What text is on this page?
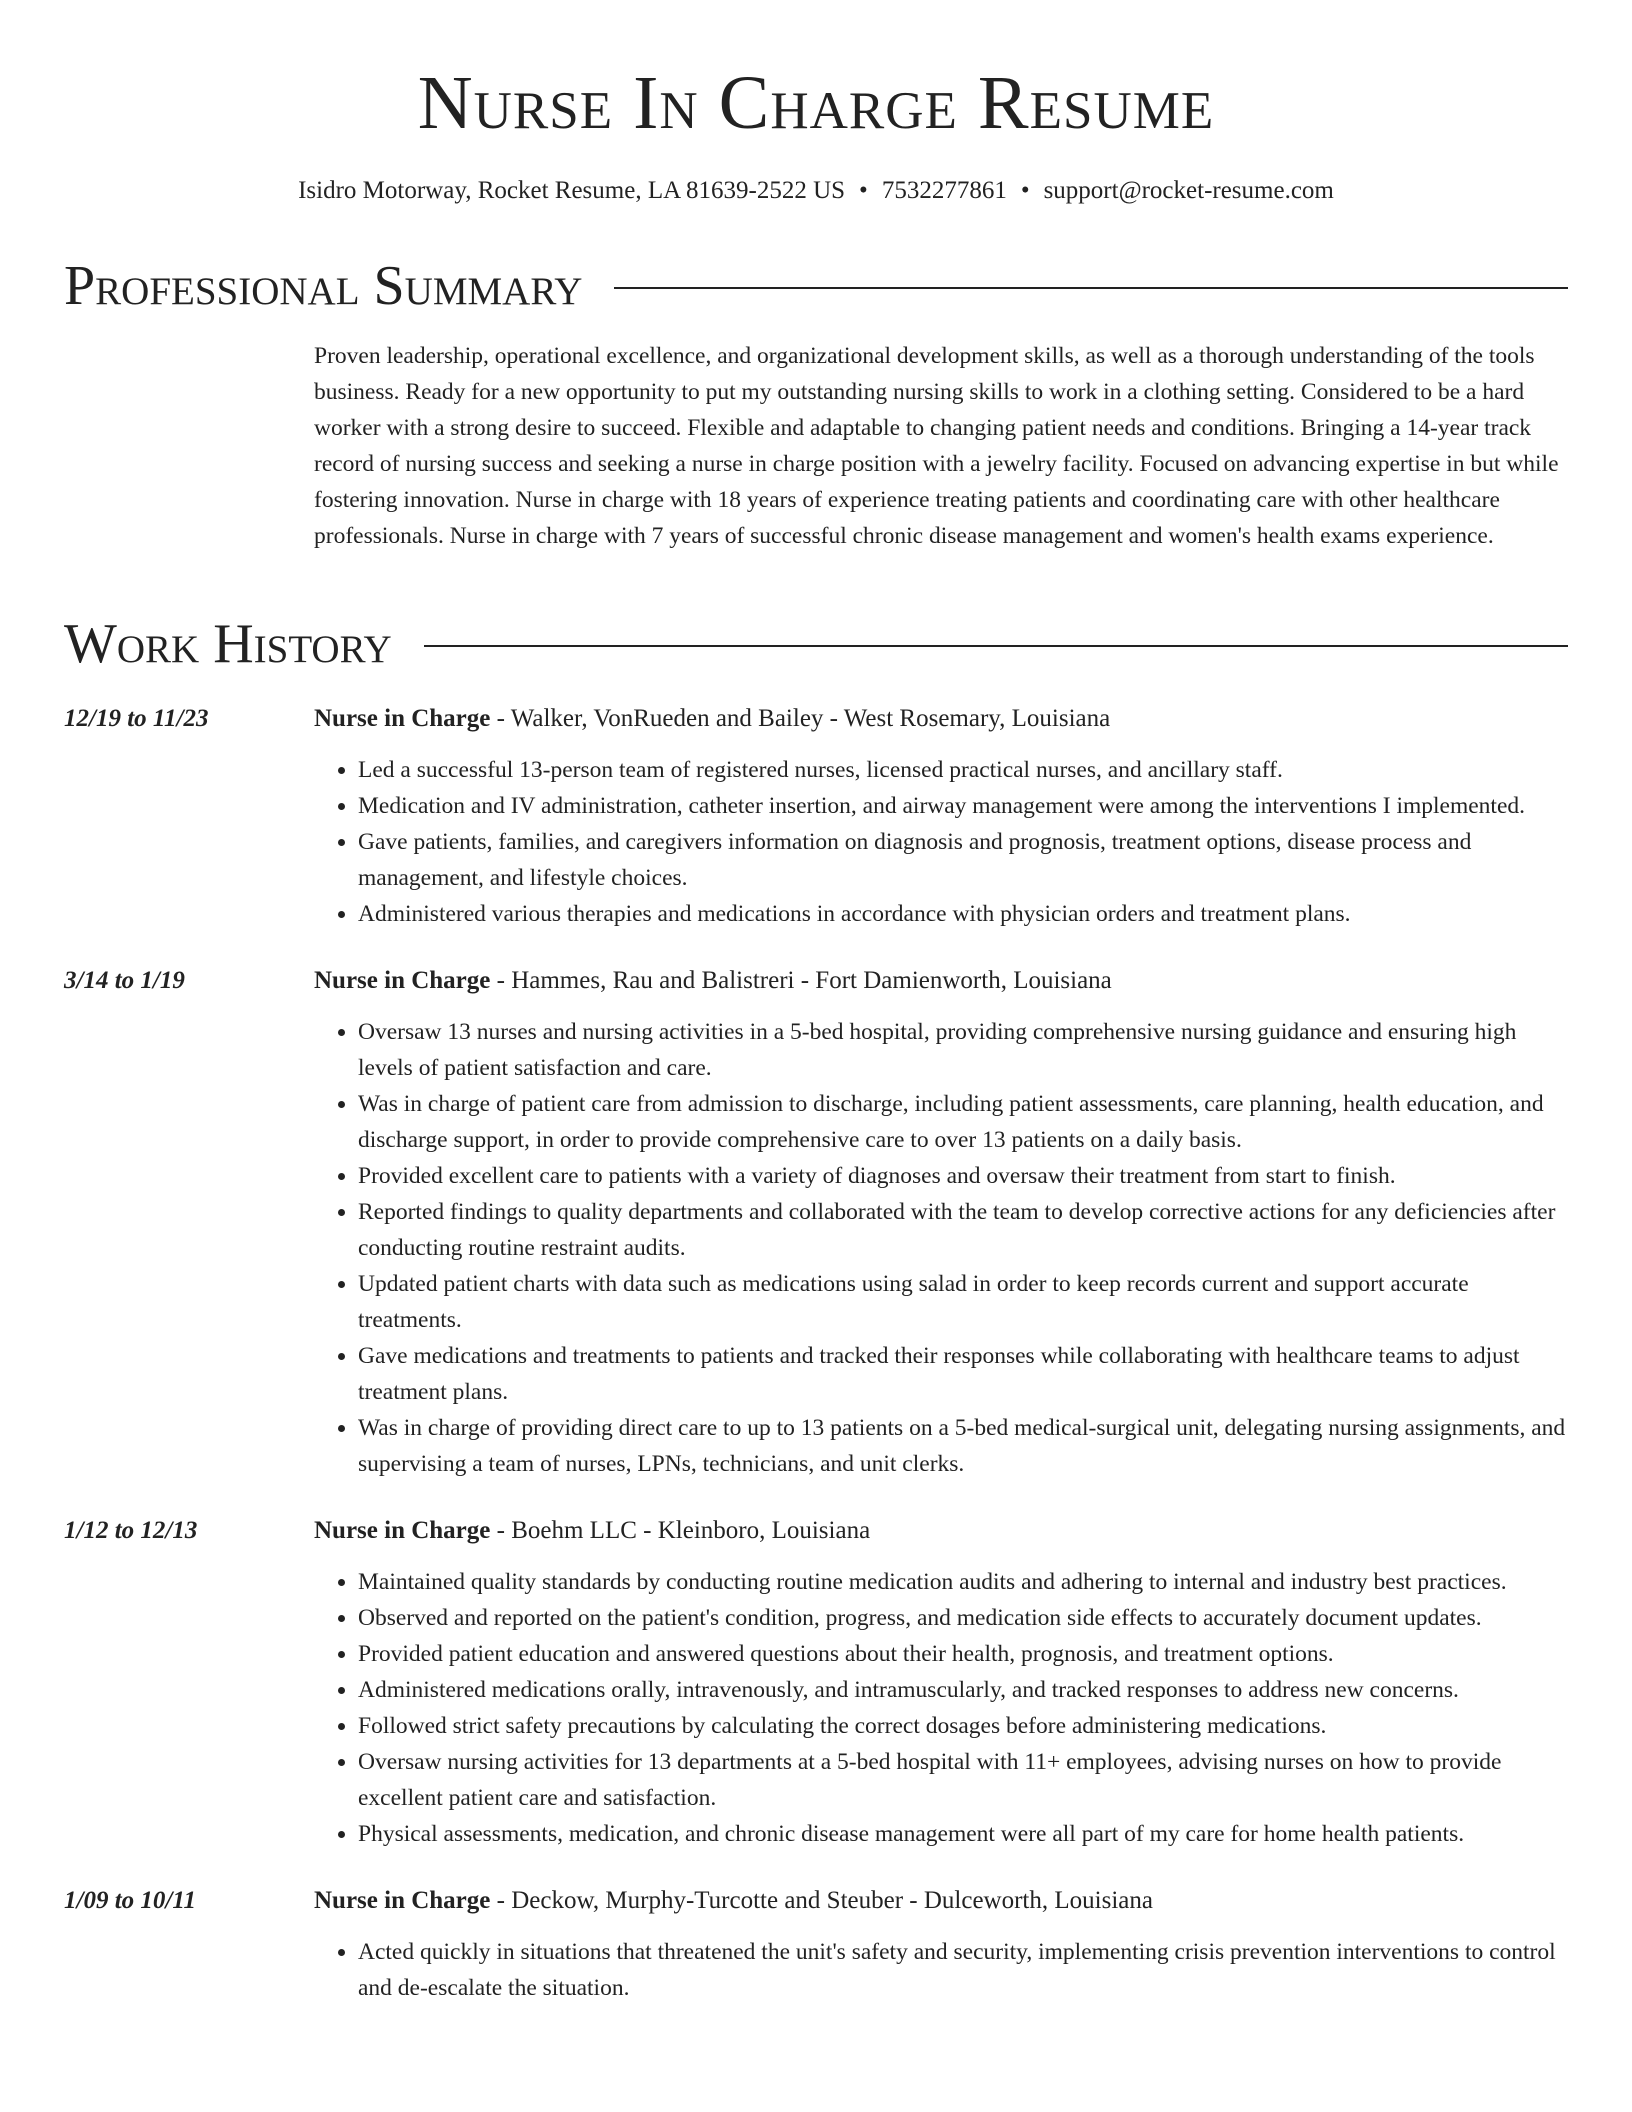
Nurse In Charge Resume
Isidro Motorway, Rocket Resume, LA 81639-2522 US • 7532277861 • support@rocket-resume.com
Professional Summary

Proven leadership, operational excellence, and organizational development skills, as well as a thorough understanding of the tools business. Ready for a new opportunity to put my outstanding nursing skills to work in a clothing setting. Considered to be a hard worker with a strong desire to succeed. Flexible and adaptable to changing patient needs and conditions. Bringing a 14-year track record of nursing success and seeking a nurse in charge position with a jewelry facility. Focused on advancing expertise in but while fostering innovation. Nurse in charge with 18 years of experience treating patients and coordinating care with other healthcare professionals. Nurse in charge with 7 years of successful chronic disease management and women's health exams experience.

Work History
12/19 to 11/23	Nurse in Charge - Walker, VonRueden and Bailey - West Rosemary, Louisiana

• Led a successful 13-person team of registered nurses, licensed practical nurses, and ancillary staff.
• Medication and IV administration, catheter insertion, and airway management were among the interventions I implemented.
• Gave patients, families, and caregivers information on diagnosis and prognosis, treatment options, disease process and management, and lifestyle choices.
• Administered various therapies and medications in accordance with physician orders and treatment plans.
3/14 to 1/19	Nurse in Charge - Hammes, Rau and Balistreri - Fort Damienworth, Louisiana

• Oversaw 13 nurses and nursing activities in a 5-bed hospital, providing comprehensive nursing guidance and ensuring high levels of patient satisfaction and care.
• Was in charge of patient care from admission to discharge, including patient assessments, care planning, health education, and discharge support, in order to provide comprehensive care to over 13 patients on a daily basis.
• Provided excellent care to patients with a variety of diagnoses and oversaw their treatment from start to finish.
• Reported findings to quality departments and collaborated with the team to develop corrective actions for any deficiencies after conducting routine restraint audits.
• Updated patient charts with data such as medications using salad in order to keep records current and support accurate treatments.
• Gave medications and treatments to patients and tracked their responses while collaborating with healthcare teams to adjust treatment plans.
• Was in charge of providing direct care to up to 13 patients on a 5-bed medical-surgical unit, delegating nursing assignments, and supervising a team of nurses, LPNs, technicians, and unit clerks.
1/12 to 12/13	Nurse in Charge - Boehm LLC - Kleinboro, Louisiana

• Maintained quality standards by conducting routine medication audits and adhering to internal and industry best practices.
• Observed and reported on the patient's condition, progress, and medication side effects to accurately document updates.
• Provided patient education and answered questions about their health, prognosis, and treatment options.
• Administered medications orally, intravenously, and intramuscularly, and tracked responses to address new concerns.
• Followed strict safety precautions by calculating the correct dosages before administering medications.
• Oversaw nursing activities for 13 departments at a 5-bed hospital with 11+ employees, advising nurses on how to provide excellent patient care and satisfaction.
• Physical assessments, medication, and chronic disease management were all part of my care for home health patients.
1/09 to 10/11	Nurse in Charge - Deckow, Murphy-Turcotte and Steuber - Dulceworth, Louisiana

• Acted quickly in situations that threatened the unit's safety and security, implementing crisis prevention interventions to control and de-escalate the situation.
